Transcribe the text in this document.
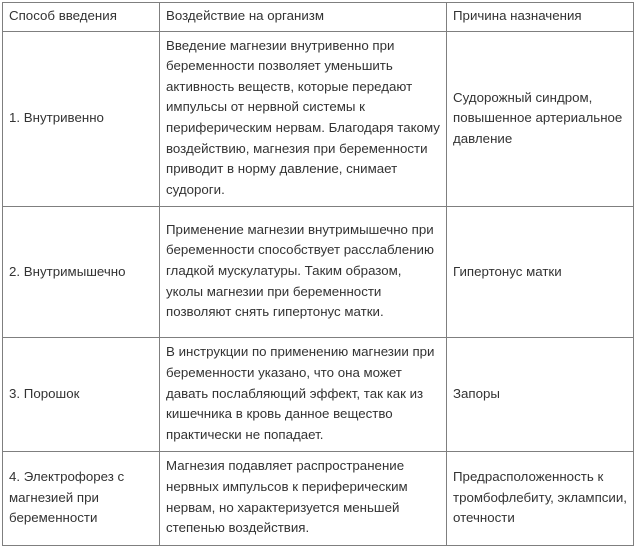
Способ введения	Воздействие на организм	Причина назначения
1. Внутривенно	Введение магнезии внутривенно при беременности позволяет уменьшить активность веществ, которые передают импульсы от нервной системы к периферическим нервам. Благодаря такому воздействию, магнезия при беременности приводит в норму давление, снимает судороги.	Судорожный синдром, повышенное артериальное давление
2. Внутримышечно	Применение магнезии внутримышечно при беременности способствует расслаблению гладкой мускулатуры. Таким образом, уколы магнезии при беременности позволяют снять гипертонус матки.	Гипертонус матки
3. Порошок	В инструкции по применению магнезии при беременности указано, что она может давать послабляющий эффект, так как из кишечника в кровь данное вещество практически не попадает.	Запоры
4. Электрофорез с магнезией при беременности	Магнезия подавляет распространение нервных импульсов к периферическим нервам, но характеризуется меньшей степенью воздействия.	Предрасположенность к тромбофлебиту, эклампсии, отечности
